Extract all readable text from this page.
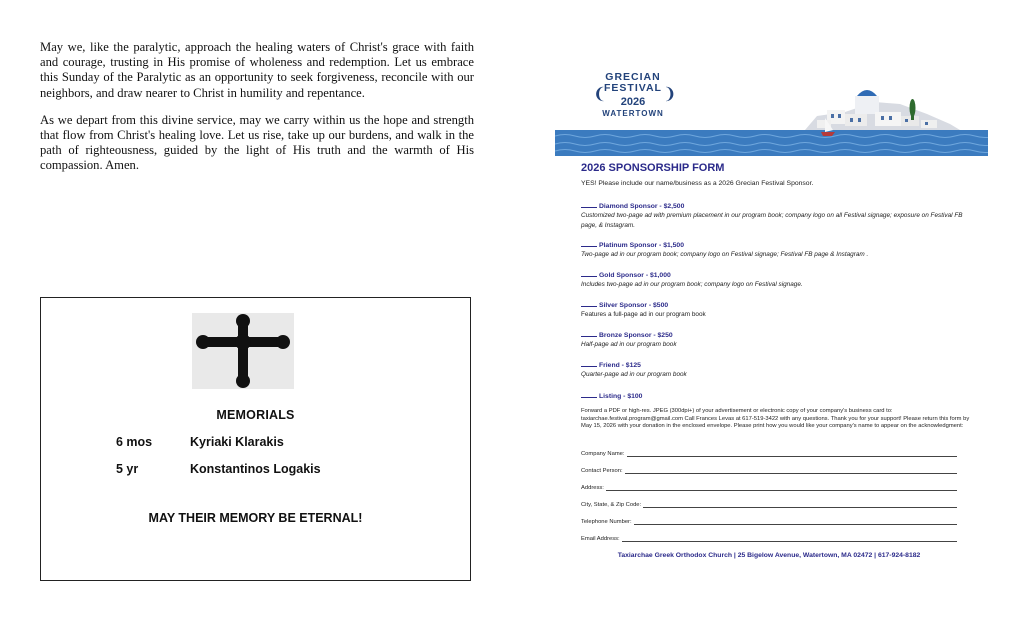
May we, like the paralytic, approach the healing waters of Christ's grace with faith and courage, trusting in His promise of wholeness and redemption. Let us embrace this Sunday of the Paralytic as an opportunity to seek forgiveness, reconcile with our neighbors, and draw nearer to Christ in humility and repentance.

As we depart from this divine service, may we carry within us the hope and strength that flow from Christ's healing love. Let us rise, take up our burdens, and walk in the path of righteousness, guided by the light of His truth and the warmth of His compassion. Amen.

MEMORIALS
6 mos	Kyriaki Klarakis
5 yr	Konstantinos Logakis
MAY THEIR MEMORY BE ETERNAL!
❨	❩
GRECIAN
FESTIVAL
2026
WATERTOWN
2026 SPONSORSHIP FORM
YES! Please include our name/business as a 2026 Grecian Festival Sponsor.
Diamond Sponsor - $2,500
Customized two-page ad with premium placement in our program book; company logo on all Festival signage; exposure on Festival FB page, & Instagram.
Platinum Sponsor - $1,500
Two-page ad in our program book; company logo on Festival signage; Festival FB page & Instagram .
Gold Sponsor - $1,000
Includes two-page ad in our program book; company logo on Festival signage.
Silver Sponsor - $500
Features a full-page ad in our program book
Bronze Sponsor - $250
Half-page ad in our program book
Friend - $125
Quarter-page ad in our program book
Listing - $100
Forward a PDF or high-res. JPEG (300dpi+) of your advertisement or electronic copy of your company's business card to: taxiarchae.festival.program@gmail.com Call Frances Levas at 617-519-3422 with any questions. Thank you for your support! Please return this form by May 15, 2026 with your donation in the enclosed envelope. Please print how you would like your company's name to appear on the acknowledgment:
Company Name:
Contact Person:
Address:
City, State, & Zip Code:
Telephone Number:
Email Address:
Taxiarchae Greek Orthodox Church | 25 Bigelow Avenue, Watertown, MA 02472 | 617-924-8182
